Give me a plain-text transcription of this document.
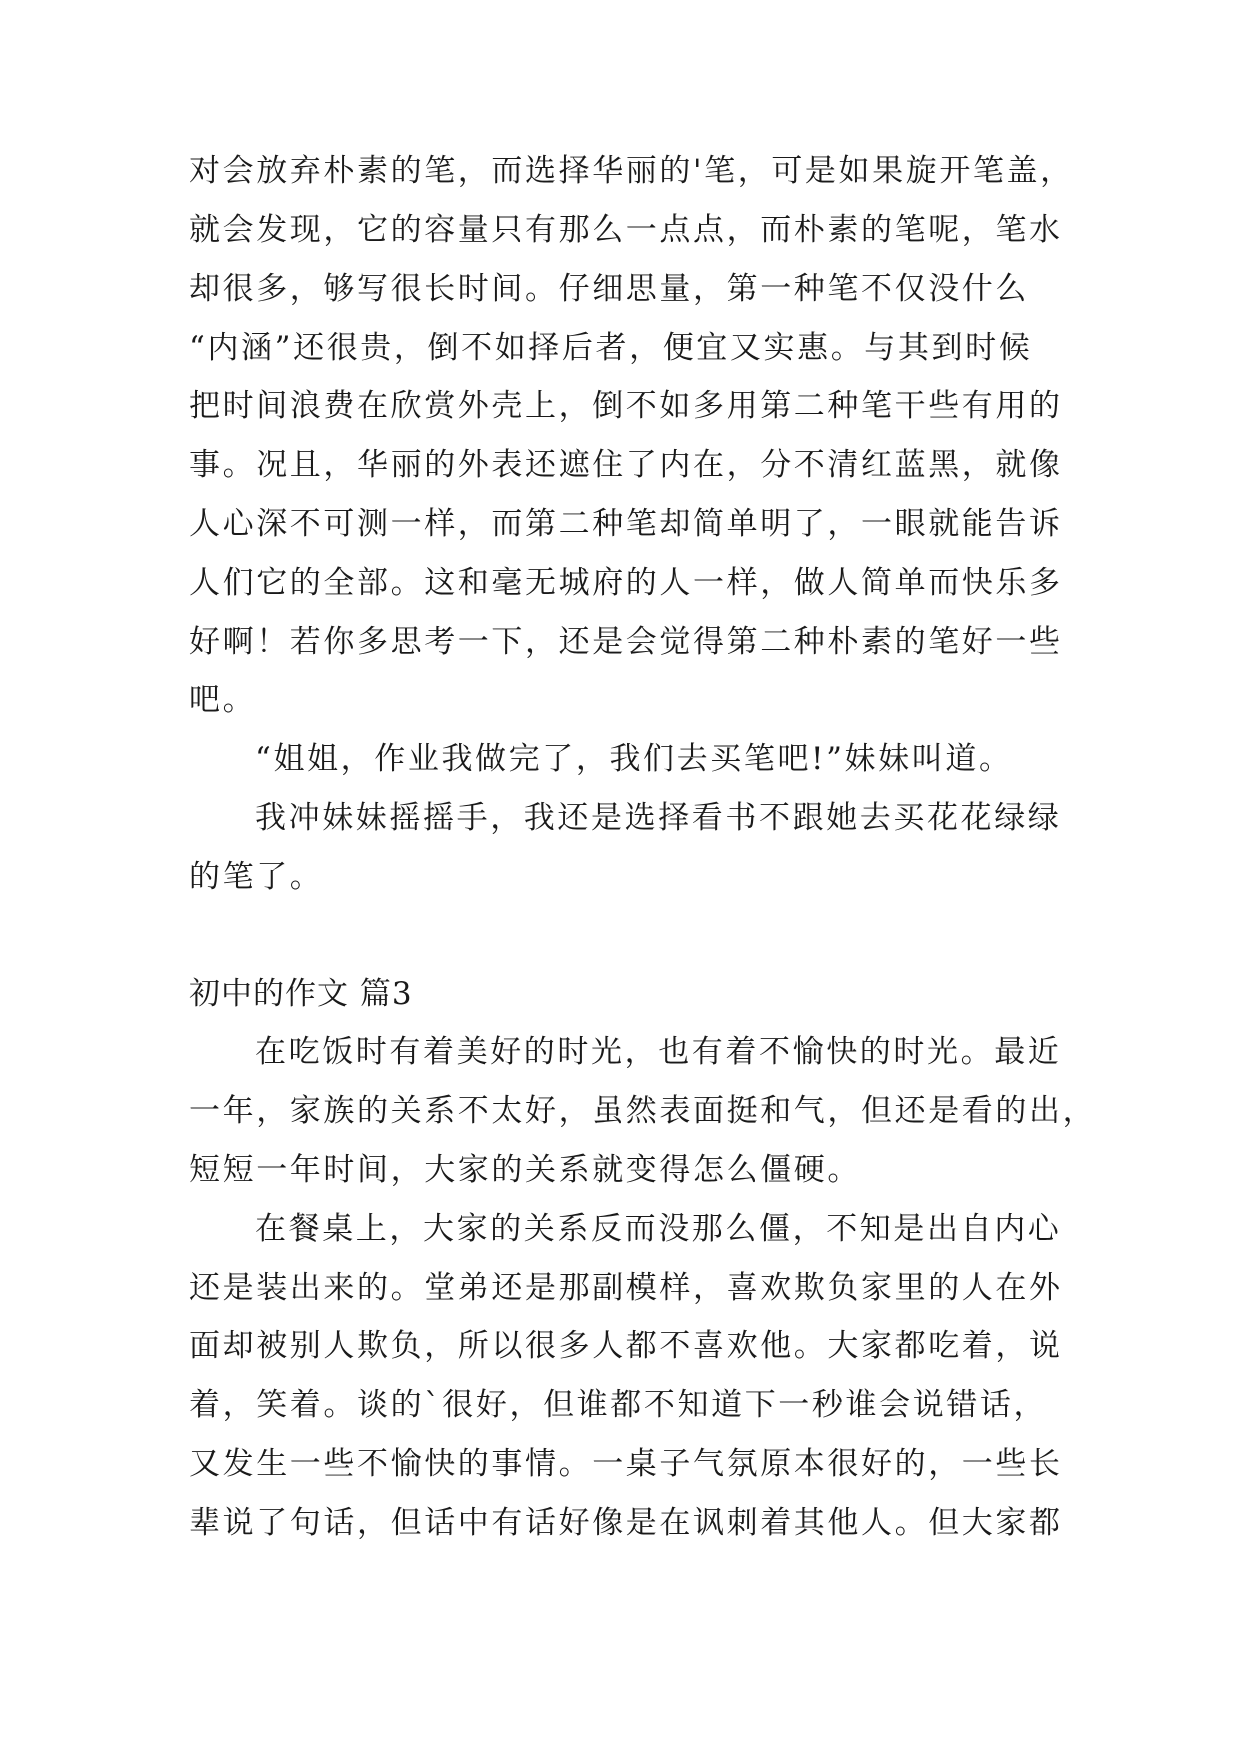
对会放弃朴素的笔，而选择华丽的'笔，可是如果旋开笔盖，
就会发现，它的容量只有那么一点点，而朴素的笔呢，笔水
却很多，够写很长时间。仔细思量，第一种笔不仅没什么
“内涵”还很贵，倒不如择后者，便宜又实惠。与其到时候
把时间浪费在欣赏外壳上，倒不如多用第二种笔干些有用的
事。况且，华丽的外表还遮住了内在，分不清红蓝黑，就像
人心深不可测一样，而第二种笔却简单明了，一眼就能告诉
人们它的全部。这和毫无城府的人一样，做人简单而快乐多
好啊！若你多思考一下，还是会觉得第二种朴素的笔好一些
吧。
“姐姐，作业我做完了，我们去买笔吧!”妹妹叫道。
我冲妹妹摇摇手，我还是选择看书不跟她去买花花绿绿
的笔了。
初中的作文 篇3
在吃饭时有着美好的时光，也有着不愉快的时光。最近
一年，家族的关系不太好，虽然表面挺和气，但还是看的出，
短短一年时间，大家的关系就变得怎么僵硬。
在餐桌上，大家的关系反而没那么僵，不知是出自内心
还是装出来的。堂弟还是那副模样，喜欢欺负家里的人在外
面却被别人欺负，所以很多人都不喜欢他。大家都吃着，说
着，笑着。谈的`很好，但谁都不知道下一秒谁会说错话，
又发生一些不愉快的事情。一桌子气氛原本很好的，一些长
辈说了句话，但话中有话好像是在讽刺着其他人。但大家都
